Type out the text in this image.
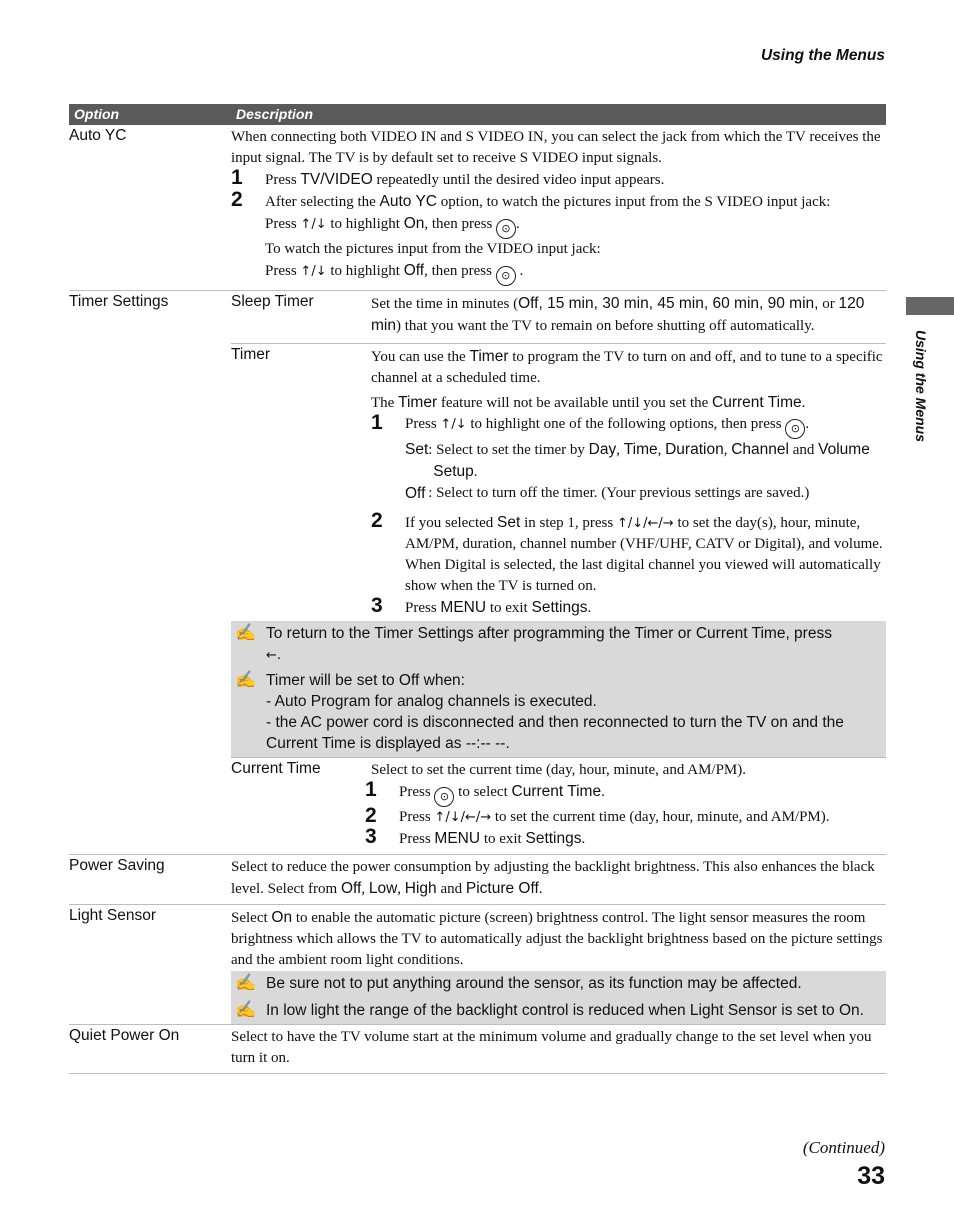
Using the Menus
Using the Menus
Option	Description
Auto YC	When connecting both VIDEO IN and S VIDEO IN, you can select the jack from which the TV receives the input signal. The TV is by default set to receive S VIDEO input signals.
1 Press TV/VIDEO repeatedly until the desired video input appears.
2 After selecting the Auto YC option, to watch the pictures input from the S VIDEO input jack:
Press ↑/↓ to highlight On, then press ⊙ .
To watch the pictures input from the VIDEO input jack:
Press ↑/↓ to highlight Off, then press ⊙ .
Timer Settings	Sleep Timer	Set the time in minutes (Off, 15 min, 30 min, 45 min, 60 min, 90 min, or 120 min) that you want the TV to remain on before shutting off automatically.
Timer	You can use the Timer to program the TV to turn on and off, and to tune to a specific channel at a scheduled time.
The Timer feature will not be available until you set the Current Time.
1 Press ↑/↓ to highlight one of the following options, then press ⊙ .
Set : Select to set the timer by Day, Time, Duration, Channel and Volume Setup.
Off : Select to turn off the timer. (Your previous settings are saved.)
2 If you selected Set in step 1, press ↑/↓/←/→ to set the day(s), hour, minute, AM/PM, duration, channel number (VHF/UHF, CATV or Digital), and volume.
When Digital is selected, the last digital channel you viewed will automatically show when the TV is turned on.
3 Press MENU to exit Settings.
✍ To return to the Timer Settings after programming the Timer or Current Time, press
←.
✍ Timer will be set to Off when:
- Auto Program for analog channels is executed.
- the AC power cord is disconnected and then reconnected to turn the TV on and the Current Time is displayed as --:-- --.
Current Time	Select to set the current time (day, hour, minute, and AM/PM).
1 Press ⊙ to select Current Time.
2 Press ↑/↓/←/→ to set the current time (day, hour, minute, and AM/PM).
3 Press MENU to exit Settings.
Power Saving	Select to reduce the power consumption by adjusting the backlight brightness. This also enhances the black level. Select from Off, Low, High and Picture Off.
Light Sensor	Select On to enable the automatic picture (screen) brightness control. The light sensor measures the room brightness which allows the TV to automatically adjust the backlight brightness based on the picture settings and the ambient room light conditions.
✍ Be sure not to put anything around the sensor, as its function may be affected.
✍ In low light the range of the backlight control is reduced when Light Sensor is set to On.
Quiet Power On	Select to have the TV volume start at the minimum volume and gradually change to the set level when you turn it on.
(Continued)
33
